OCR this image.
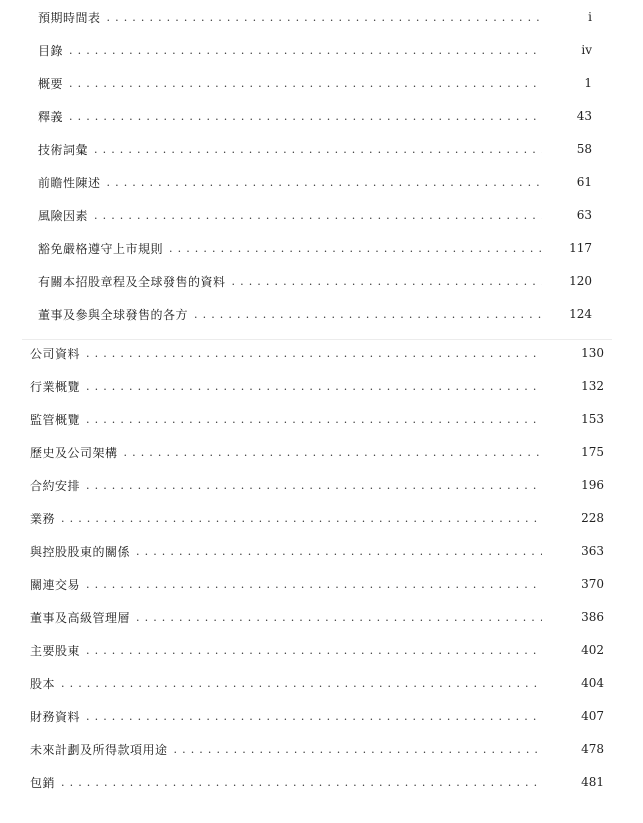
預期時間表 . . .	i
目錄 . . .	iv
概要 . . .	1
釋義 . . .	43
技術詞彙 . . .	58
前瞻性陳述 . . .	61
風險因素 . . .	63
豁免嚴格遵守上市規則 . . .	117
有關本招股章程及全球發售的資料 . . .	120
董事及參與全球發售的各方 . . .	124
公司資料 . . .	130
行業概覽 . . .	132
監管概覽 . . .	153
歷史及公司架構 . . .	175
合約安排 . . .	196
業務 . . .	228
與控股股東的關係 . . .	363
關連交易 . . .	370
董事及高級管理層 . . .	386
主要股東 . . .	402
股本 . . .	404
財務資料 . . .	407
未來計劃及所得款項用途 . . .	478
包銷 . . .	481
